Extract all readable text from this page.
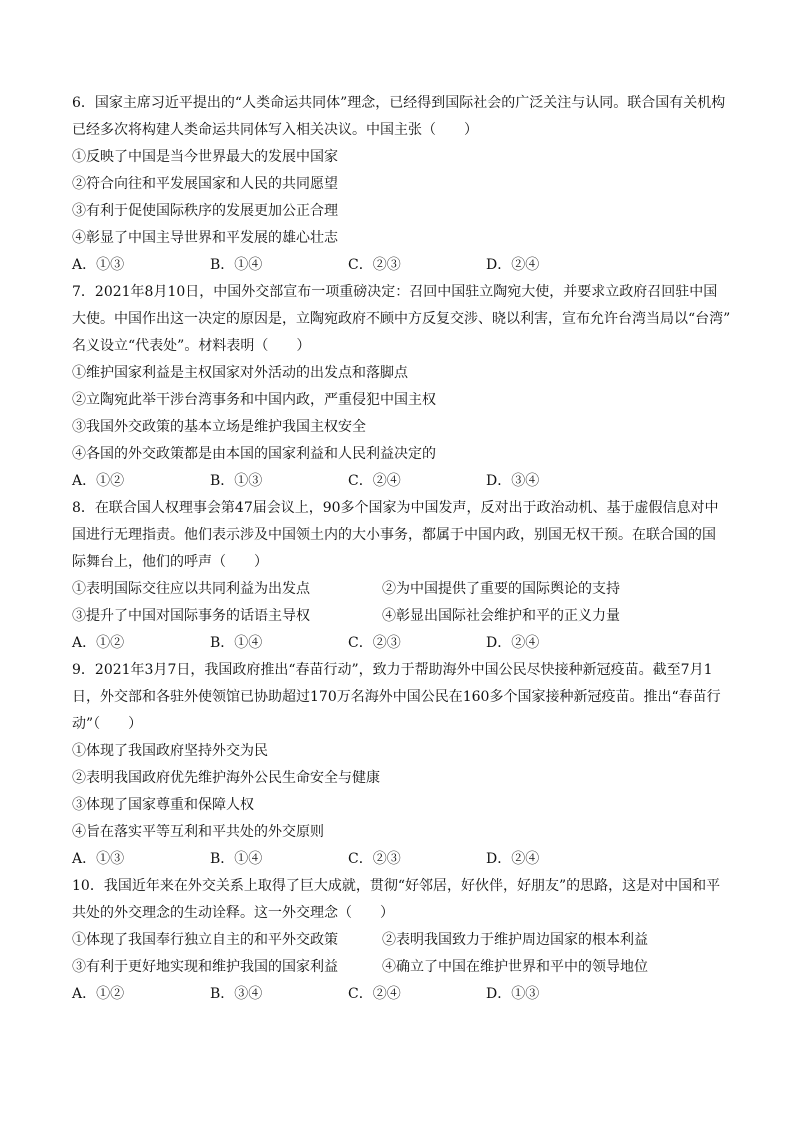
6．国家主席习近平提出的“人类命运共同体”理念，已经得到国际社会的广泛关注与认同。联合国有关机构
已经多次将构建人类命运共同体写入相关决议。中国主张（　　）
①反映了中国是当今世界最大的发展中国家
②符合向往和平发展国家和人民的共同愿望
③有利于促使国际秩序的发展更加公正合理
④彰显了中国主导世界和平发展的雄心壮志
A．①③	B．①④	C．②③	D．②④
7．2021年8月10日，中国外交部宣布一项重磅决定：召回中国驻立陶宛大使，并要求立政府召回驻中国
大使。中国作出这一决定的原因是，立陶宛政府不顾中方反复交涉、晓以利害，宣布允许台湾当局以“台湾”
名义设立“代表处”。材料表明（　　）
①维护国家利益是主权国家对外活动的出发点和落脚点
②立陶宛此举干涉台湾事务和中国内政，严重侵犯中国主权
③我国外交政策的基本立场是维护我国主权安全
④各国的外交政策都是由本国的国家利益和人民利益决定的
A．①②	B．①③	C．②④	D．③④
8．在联合国人权理事会第47届会议上，90多个国家为中国发声，反对出于政治动机、基于虚假信息对中
国进行无理指责。他们表示涉及中国领土内的大小事务，都属于中国内政，别国无权干预。在联合国的国
际舞台上，他们的呼声（　　）
①表明国际交往应以共同利益为出发点	②为中国提供了重要的国际舆论的支持
③提升了中国对国际事务的话语主导权	④彰显出国际社会维护和平的正义力量
A．①②	B．①④	C．②③	D．②④
9．2021年3月7日，我国政府推出“春苗行动”，致力于帮助海外中国公民尽快接种新冠疫苗。截至7月1
日，外交部和各驻外使领馆已协助超过170万名海外中国公民在160多个国家接种新冠疫苗。推出“春苗行
动”（　　）
①体现了我国政府坚持外交为民
②表明我国政府优先维护海外公民生命安全与健康
③体现了国家尊重和保障人权
④旨在落实平等互利和平共处的外交原则
A．①③	B．①④	C．②③	D．②④
10．我国近年来在外交关系上取得了巨大成就，贯彻“好邻居，好伙伴，好朋友”的思路，这是对中国和平
共处的外交理念的生动诠释。这一外交理念（　　）
①体现了我国奉行独立自主的和平外交政策	②表明我国致力于维护周边国家的根本利益
③有利于更好地实现和维护我国的国家利益	④确立了中国在维护世界和平中的领导地位
A．①②	B．③④	C．②④	D．①③
